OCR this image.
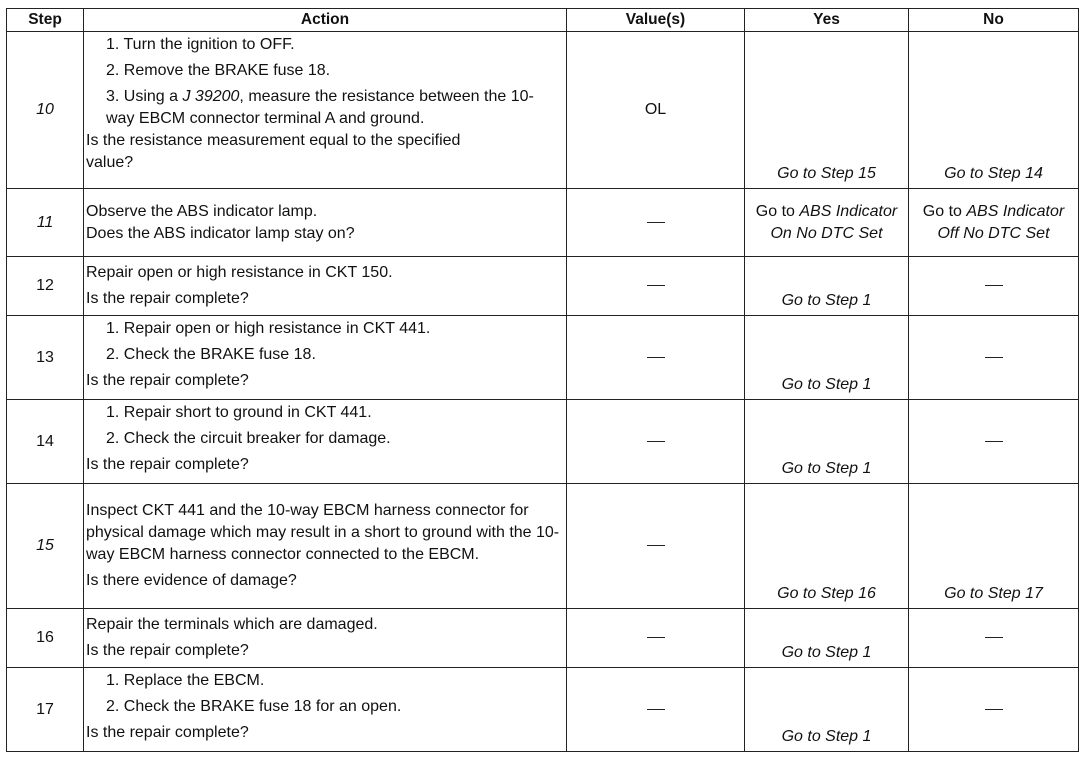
Step	Action	Value(s)	Yes	No
10	1. Turn the ignition to OFF.
2. Remove the BRAKE fuse 18.
3. Using a J 39200, measure the resistance between the 10-way EBCM connector terminal A and ground.
Is the resistance measurement equal to the specified value?	OL	Go to Step 15	Go to Step 14
11	Observe the ABS indicator lamp.
Does the ABS indicator lamp stay on?		Go to ABS Indicator On No DTC Set	Go to ABS Indicator Off No DTC Set
12	Repair open or high resistance in CKT 150.
Is the repair complete?		Go to Step 1	
13	1. Repair open or high resistance in CKT 441.
2. Check the BRAKE fuse 18.
Is the repair complete?		Go to Step 1	
14	1. Repair short to ground in CKT 441.
2. Check the circuit breaker for damage.
Is the repair complete?		Go to Step 1	
15	Inspect CKT 441 and the 10-way EBCM harness connector for physical damage which may result in a short to ground with the 10-way EBCM harness connector connected to the EBCM.
Is there evidence of damage?		Go to Step 16	Go to Step 17
16	Repair the terminals which are damaged.
Is the repair complete?		Go to Step 1	
17	1. Replace the EBCM.
2. Check the BRAKE fuse 18 for an open.
Is the repair complete?		Go to Step 1	
